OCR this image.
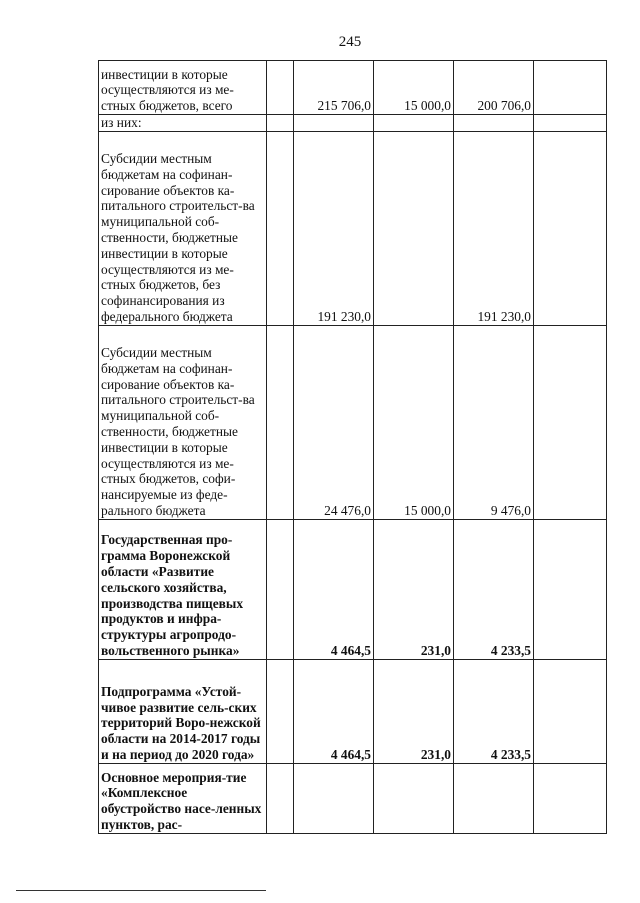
245
инвестиции в которые осуществляются из ме-стных бюджетов, всего		215 706,0	15 000,0	200 706,0	

из них:					

Субсидии местным бюджетам на софинан-сирование объектов ка-питального строительст-ва муниципальной соб-ственности, бюджетные инвестиции в которые осуществляются из ме-стных бюджетов, без софинансирования из федерального бюджета		191 230,0		191 230,0	

Субсидии местным бюджетам на софинан-сирование объектов ка-питального строительст-ва муниципальной соб-ственности, бюджетные инвестиции в которые осуществляются из ме-стных бюджетов, софи-нансируемые из феде-рального бюджета		24 476,0	15 000,0	9 476,0	

Государственная про-грамма Воронежской области «Развитие сельского хозяйства, производства пищевых продуктов и инфра-структуры агропродо-вольственного рынка»		4 464,5	231,0	4 233,5	

Подпрограмма «Устой-чивое развитие сель-ских территорий Воро-нежской области на 2014-2017 годы и на период до 2020 года»		4 464,5	231,0	4 233,5	

Основное мероприя-тие «Комплексное обустройство насе-ленных пунктов, рас-					
